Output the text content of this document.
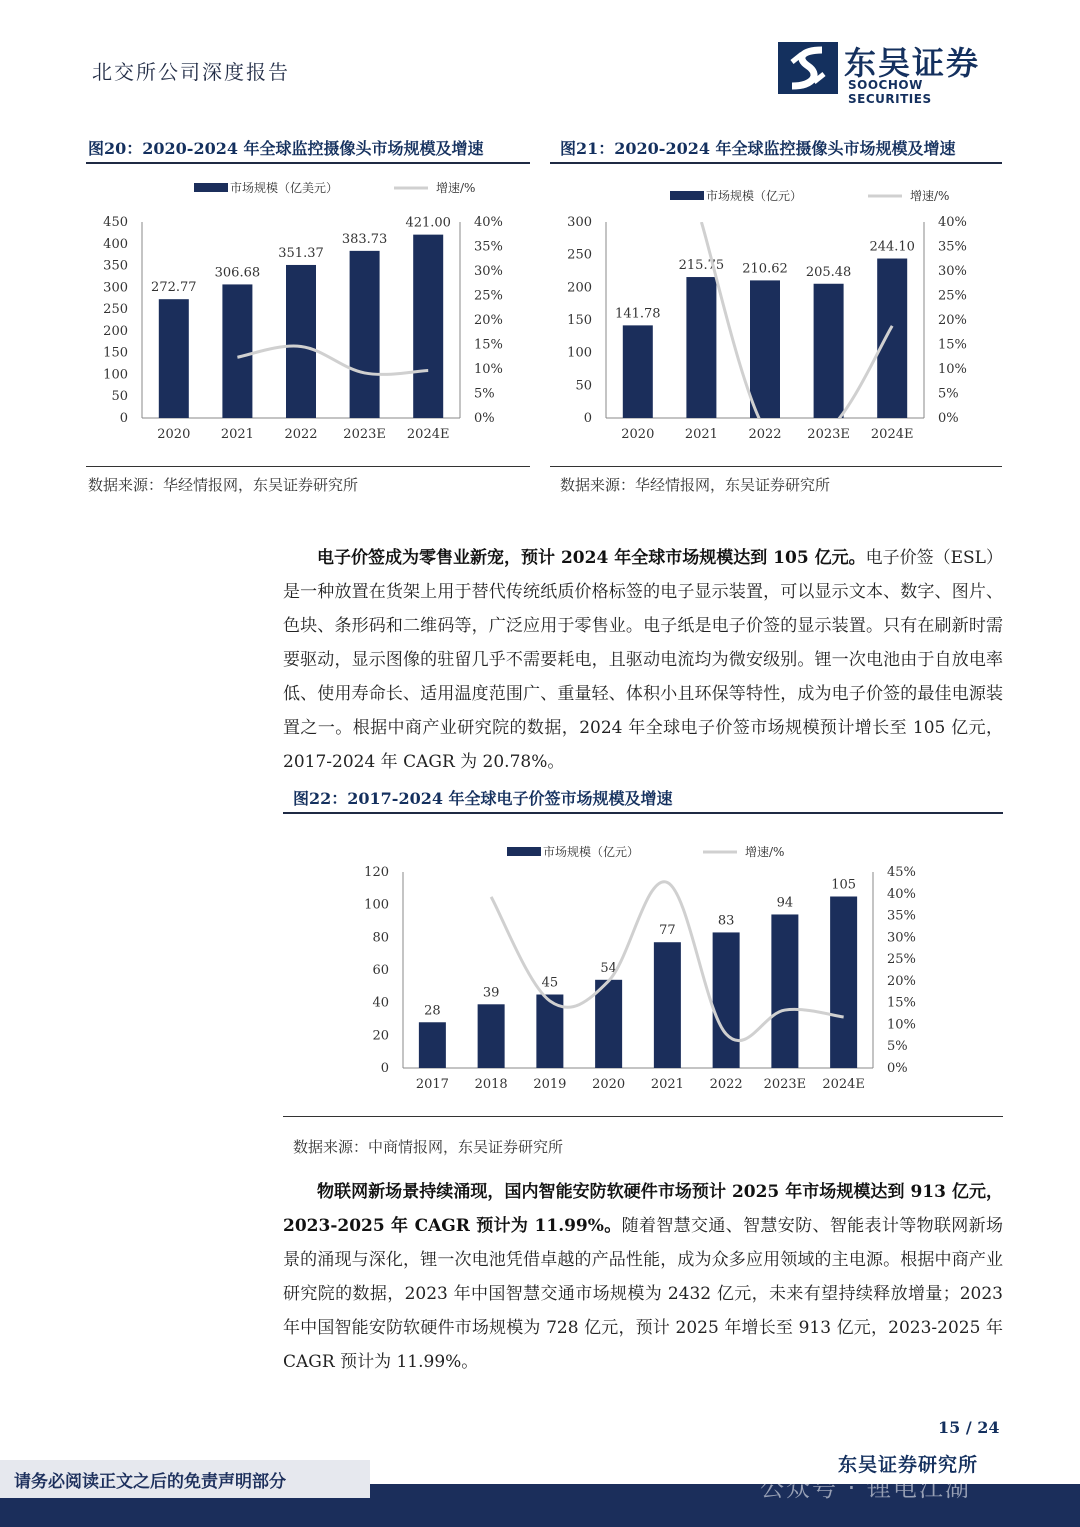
北交所公司深度报告	东吴证券
SOOCHOW SECURITIES
图20：2020-2024 年全球监控摄像头市场规模及增速
市场规模（亿美元）	增速/%
450
400
350
300
250
200
150
100
50
0
40%
35%
30%
25%
20%
15%
10%
5%
0%
272.77
2020
306.68
2021
351.37
2022
383.73
2023E
421.00
2024E
数据来源：华经情报网，东吴证券研究所
图21：2020-2024 年全球监控摄像头市场规模及增速
市场规模（亿元）	增速/%
300
250
200
150
100
50
0
40%
35%
30%
25%
20%
15%
10%
5%
0%
141.78
2020
215.75
2021
210.62
2022
205.48
2023E
244.10
2024E
数据来源：华经情报网，东吴证券研究所

电子价签成为零售业新宠，预计 2024 年全球市场规模达到 105 亿元。电子价签（ESL）是一种放置在货架上用于替代传统纸质价格标签的电子显示装置，可以显示文本、数字、图片、色块、条形码和二维码等，广泛应用于零售业。电子纸是电子价签的显示装置。只有在刷新时需要驱动，显示图像的驻留几乎不需要耗电，且驱动电流均为微安级别。锂一次电池由于自放电率低、使用寿命长、适用温度范围广、重量轻、体积小且环保等特性，成为电子价签的最佳电源装置之一。根据中商产业研究院的数据，2024 年全球电子价签市场规模预计增长至 105 亿元，2017-2024 年 CAGR 为 20.78%。

图22：2017-2024 年全球电子价签市场规模及增速
市场规模（亿元）	增速/%
120
100
80
60
40
20
0
45%
40%
35%
30%
25%
20%
15%
10%
5%
0%
28
2017
39
2018
45
2019
54
2020
77
2021
83
2022
94
2023E
105
2024E
数据来源：中商情报网，东吴证券研究所

物联网新场景持续涌现，国内智能安防软硬件市场预计 2025 年市场规模达到 913 亿元，2023-2025 年 CAGR 预计为 11.99%。随着智慧交通、智慧安防、智能表计等物联网新场景的涌现与深化，锂一次电池凭借卓越的产品性能，成为众多应用领域的主电源。根据中商产业研究院的数据，2023 年中国智慧交通市场规模为 2432 亿元，未来有望持续释放增量；2023 年中国智能安防软硬件市场规模为 728 亿元，预计 2025 年增长至 913 亿元，2023-2025 年 CAGR 预计为 11.99%。

15 / 24
请务必阅读正文之后的免责声明部分
东吴证券研究所
公众号 · 锂电江湖
